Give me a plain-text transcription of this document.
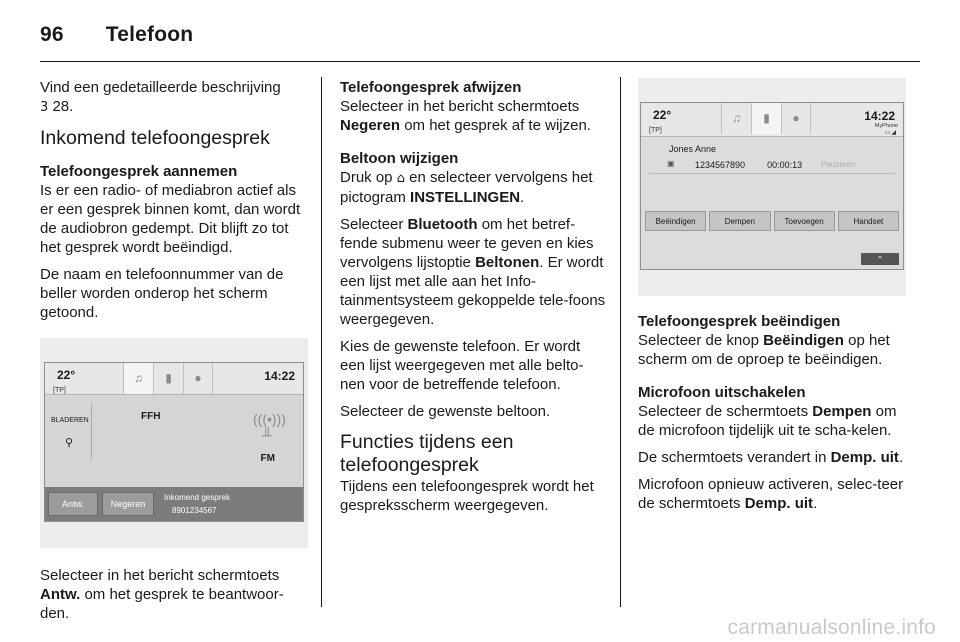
96 Telefoon

Vind een gedetailleerde beschrijving
3 28.

Inkomend telefoongesprek
Telefoongesprek aannemen

Is er een radio- of mediabron actief als er een gesprek binnen komt, dan wordt de audiobron gedempt. Dit blijft zo tot het gesprek wordt beëindigd.

De naam en telefoonnummer van de beller worden onderop het scherm getoond.

22°
[TP]
♫	▮	●	14:22
BLADEREN
⚲
FFH	(((•)))
╨
FM
Antw.	Negeren
Inkomend gesprek
8901234567

Selecteer in het bericht schermtoets Antw. om het gesprek te beantwoor-den.

Telefoongesprek afwijzen

Selecteer in het bericht schermtoets Negeren om het gesprek af te wijzen.

Beltoon wijzigen

Druk op ⌂ en selecteer vervolgens het pictogram INSTELLINGEN.

Selecteer Bluetooth om het betref-fende submenu weer te geven en kies vervolgens lijstoptie Beltonen. Er wordt een lijst met alle aan het Info-tainmentsysteem gekoppelde tele-foons weergegeven.

Kies de gewenste telefoon. Er wordt een lijst weergegeven met alle belto-nen voor de betreffende telefoon.

Selecteer de gewenste beltoon.

Functies tijdens een telefoongesprek

Tijdens een telefoongesprek wordt het gespreksscherm weergegeven.

22°
[TP]
♫	▮	●	14:22
MyPhone
▭◢
Jones Anne
▣ 1234567890 00:00:13 Pauzeren
Beëindigen	Dempen	Toevoegen	Handset
⌃
Telefoongesprek beëindigen

Selecteer de knop Beëindigen op het scherm om de oproep te beëindigen.

Microfoon uitschakelen

Selecteer de schermtoets Dempen om de microfoon tijdelijk uit te scha-kelen.

De schermtoets verandert in Demp. uit.

Microfoon opnieuw activeren, selec-teer de schermtoets Demp. uit.

carmanualsonline.info
